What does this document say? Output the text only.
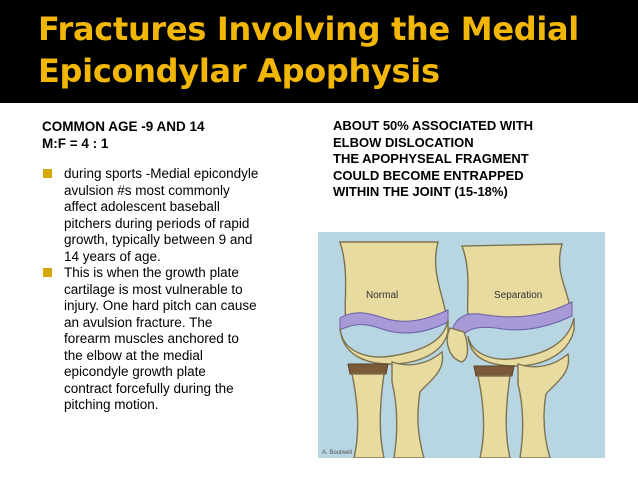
Fractures Involving the Medial
Epicondylar Apophysis
COMMON AGE -9 AND 14
M:F = 4 : 1
during sports -Medial epicondyle
avulsion #s most commonly
affect adolescent baseball
pitchers during periods of rapid
growth, typically between 9 and
14 years of age.
This is when the growth plate
cartilage is most vulnerable to
injury. One hard pitch can cause
an avulsion fracture. The
forearm muscles anchored to
the elbow at the medial
epicondyle growth plate
contract forcefully during the
pitching motion.
ABOUT 50% ASSOCIATED WITH
ELBOW DISLOCATION
THE APOPHYSEAL FRAGMENT
COULD BECOME ENTRAPPED
WITHIN THE JOINT (15-18%)
Normal	Separation
A. Boutwell
